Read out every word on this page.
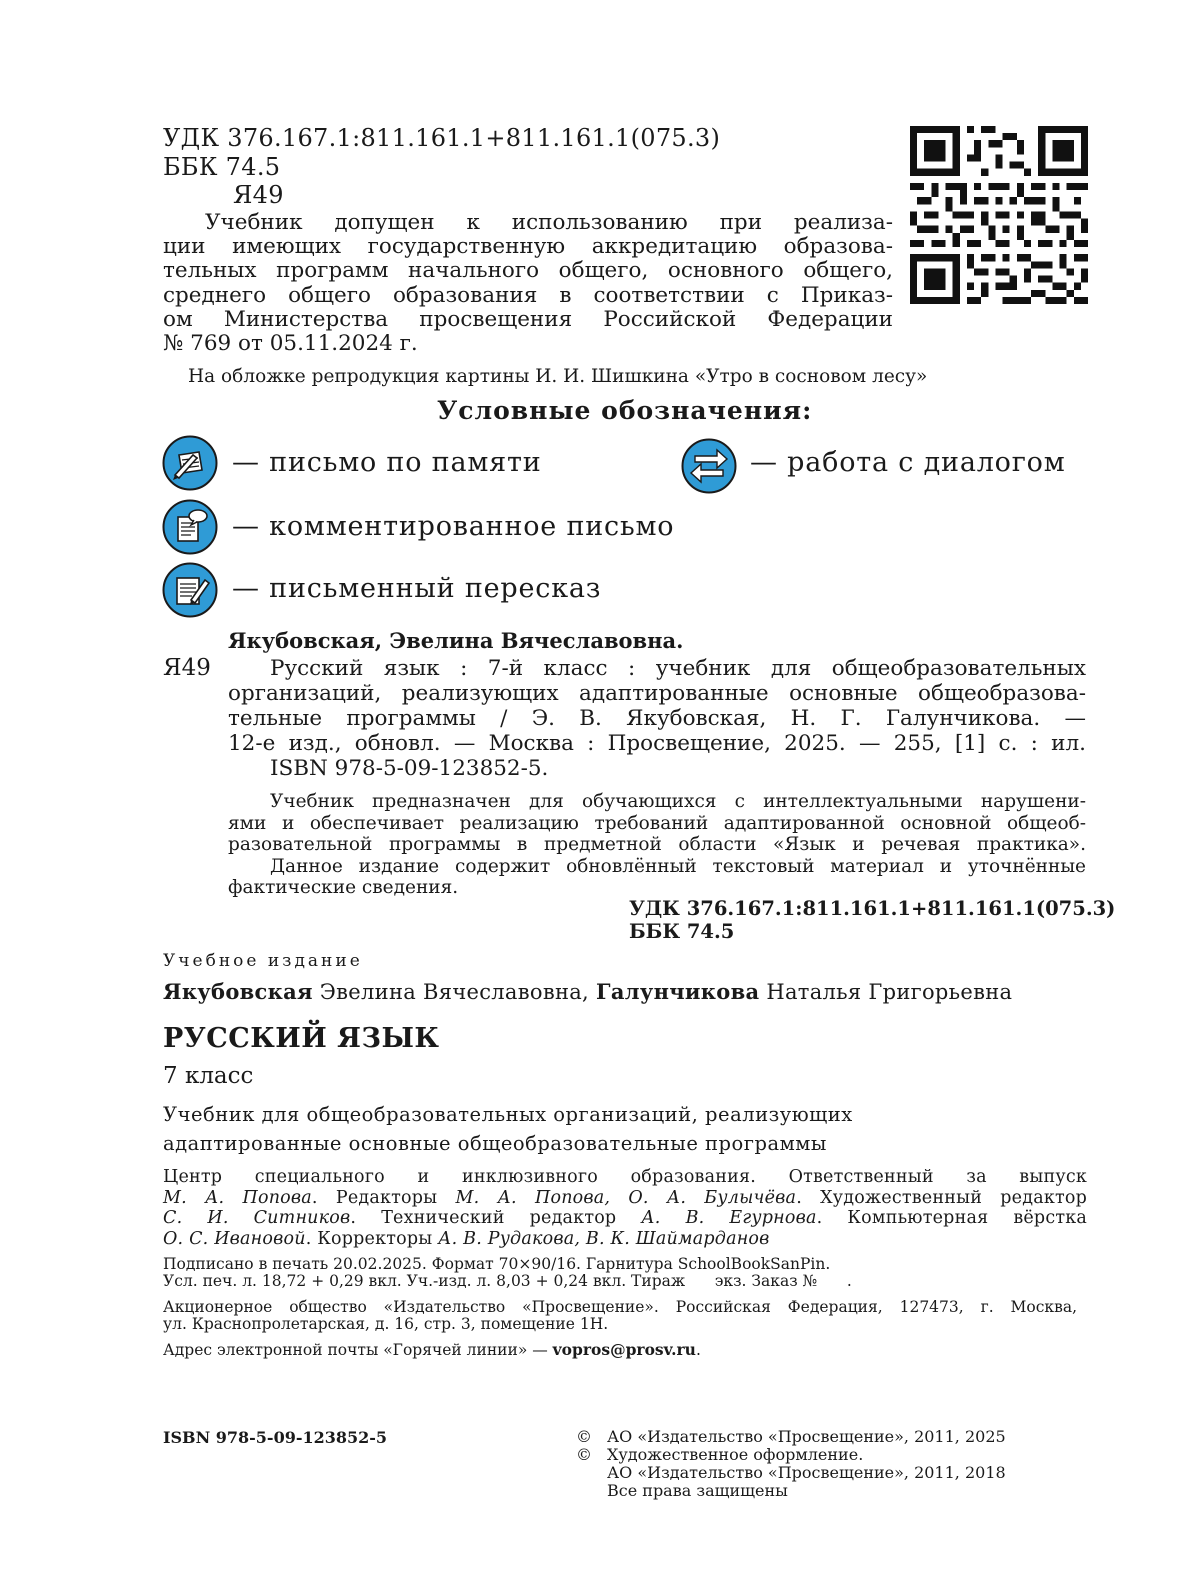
УДК 376.167.1:811.161.1+811.161.1(075.3)
ББК 74.5
Я49
Учебник допущен к использованию при реализа-
ции имеющих государственную аккредитацию образова-
тельных программ начального общего, основного общего,
среднего общего образования в соответствии с Приказ-
ом Министерства просвещения Российской Федерации
№ 769 от 05.11.2024 г.
На обложке репродукция картины И. И. Шишкина «Утро в сосновом лесу»
Условные обозначения:
— письмо по памяти	— работа с диалогом
— комментированное письмо
— письменный пересказ
Якубовская, Эвелина Вячеславовна.
Я49	Русский язык : 7-й класс : учебник для общеобразовательных
организаций, реализующих адаптированные основные общеобразова-
тельные программы / Э. В. Якубовская, Н. Г. Галунчикова. —
12-е изд., обновл. — Москва : Просвещение, 2025. — 255, [1] с. : ил.
ISBN 978-5-09-123852-5.
Учебник предназначен для обучающихся с интеллектуальными нарушени-
ями и обеспечивает реализацию требований адаптированной основной общеоб-
разовательной программы в предметной области «Язык и речевая практика».
Данное издание содержит обновлённый текстовый материал и уточнённые
фактические сведения.
УДК 376.167.1:811.161.1+811.161.1(075.3)
ББК 74.5
Учебное издание
Якубовская Эвелина Вячеславовна, Галунчикова Наталья Григорьевна
РУССКИЙ ЯЗЫК
7 класс
Учебник для общеобразовательных организаций, реализующих
адаптированные основные общеобразовательные программы
Центр специального и инклюзивного образования. Ответственный за выпуск
М. А. Попова. Редакторы М. А. Попова, О. А. Булычёва. Художественный редактор
С. И. Ситников. Технический редактор А. В. Егурнова. Компьютерная вёрстка
О. С. Ивановой. Корректоры А. В. Рудакова, В. К. Шаймарданов
Подписано в печать 20.02.2025. Формат 70×90/16. Гарнитура SchoolBookSanPin.
Усл. печ. л. 18,72 + 0,29 вкл. Уч.-изд. л. 8,03 + 0,24 вкл. Тираж      экз. Заказ №      .
Акционерное общество «Издательство «Просвещение». Российская Федерация, 127473, г. Москва,
ул. Краснопролетарская, д. 16, стр. 3, помещение 1Н.
Адрес электронной почты «Горячей линии» — vopros@prosv.ru.
ISBN 978-5-09-123852-5	©
©
АО «Издательство «Просвещение», 2011, 2025
Художественное оформление.
АО «Издательство «Просвещение», 2011, 2018
Все права защищены
